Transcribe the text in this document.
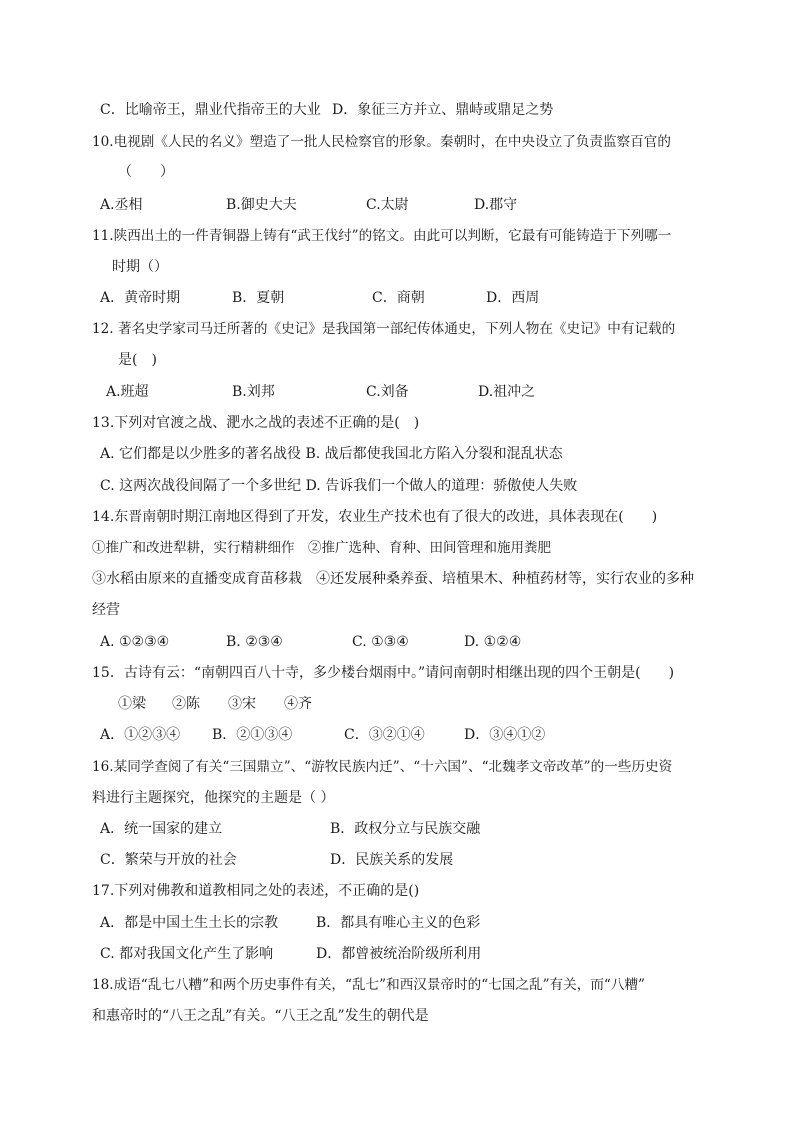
C．比喻帝王，鼎业代指帝王的大业 D．象征三方并立、鼎峙或鼎足之势
10.电视剧《人民的名义》塑造了一批人民检察官的形象。秦朝时，在中央设立了负责监察百官的
（　　）
A.丞相	B.御史大夫	C.太尉	D.郡守
11.陕西出土的一件青铜器上铸有“武王伐纣”的铭文。由此可以判断，它最有可能铸造于下列哪一
时期（）
A．黄帝时期	B．夏朝	C．商朝	D．西周
12. 著名史学家司马迁所著的《史记》是我国第一部纪传体通史，下列人物在《史记》中有记载的
是(　)
A.班超	B.刘邦	C.刘备	D.祖冲之
13.下列对官渡之战、淝水之战的表述不正确的是(　)
A. 它们都是以少胜多的著名战役 B. 战后都使我国北方陷入分裂和混乱状态
C. 这两次战役间隔了一个多世纪 D. 告诉我们一个做人的道理：骄傲使人失败
14.东晋南朝时期江南地区得到了开发，农业生产技术也有了很大的改进，具体表现在(　　)
①推广和改进犁耕，实行精耕细作　②推广选种、育种、田间管理和施用粪肥
③水稻由原来的直播变成育苗移栽　④还发展种桑养蚕、培植果木、种植药材等，实行农业的多种
经营
A. ①②③④	B. ②③④	C. ①③④	D. ①②④
15．古诗有云：“南朝四百八十寺，多少楼台烟雨中。”请问南朝时相继出现的四个王朝是(　　)
①梁 ②陈 ③宋 ④齐
A．①②③④ B．②①③④	C．③②①④	D．③④①②
16.某同学查阅了有关“三国鼎立”、“游牧民族内迁”、“十六国”、“北魏孝文帝改革”的一些历史资
料进行主题探究，他探究的主题是（ ）
A．统一国家的建立	B．政权分立与民族交融
C．繁荣与开放的社会	D．民族关系的发展
17.下列对佛教和道教相同之处的表述，不正确的是()
A．都是中国土生土长的宗教	B．都具有唯心主义的色彩
C. 都对我国文化产生了影响	D．都曾被统治阶级所利用
18.成语“乱七八糟”和两个历史事件有关，“乱七”和西汉景帝时的“七国之乱”有关，而“八糟”
和惠帝时的“八王之乱”有关。“八王之乱”发生的朝代是
